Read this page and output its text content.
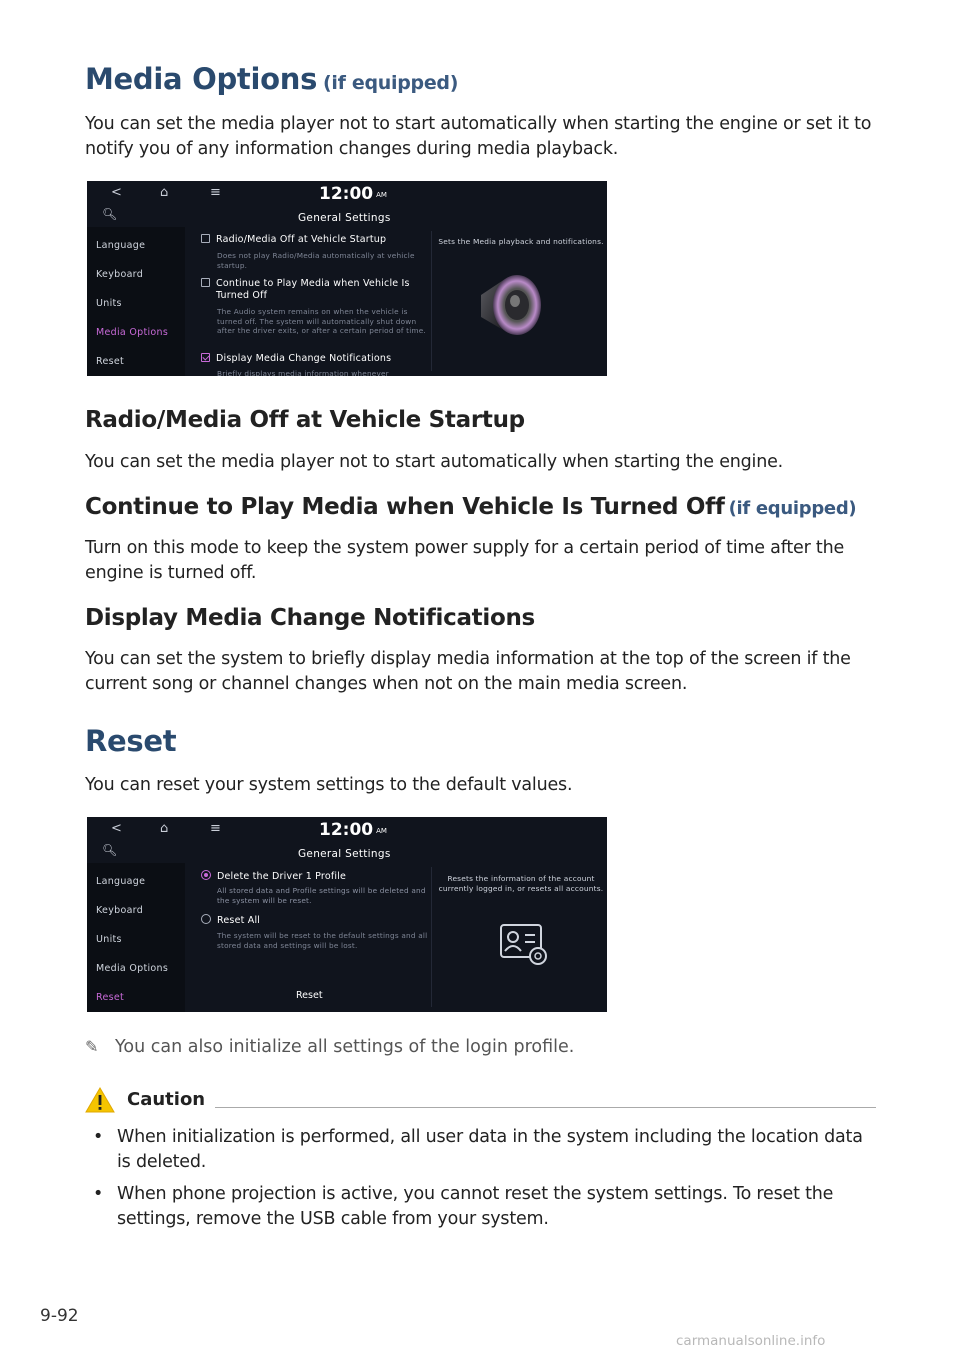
Media Options (if equipped)
You can set the media player not to start automatically when starting the engine or set it to notify you of any information changes during media playback.
<	⌂	≡	12:00 AM
General Settings
🔍︎
Language
Keyboard
Units
Media Options
Reset
Radio/Media Off at Vehicle Startup
Does not play Radio/Media automatically at vehicle startup.
Continue to Play Media when Vehicle Is Turned Off
The Audio system remains on when the vehicle is turned off. The system will automatically shut down after the driver exits, or after a certain period of time.
Display Media Change Notifications
Briefly displays media information whenever
Sets the Media playback and notifications.
Radio/Media Off at Vehicle Startup
You can set the media player not to start automatically when starting the engine.
Continue to Play Media when Vehicle Is Turned Off (if equipped)
Turn on this mode to keep the system power supply for a certain period of time after the engine is turned off.
Display Media Change Notifications
You can set the system to briefly display media information at the top of the screen if the current song or channel changes when not on the main media screen.
Reset
You can reset your system settings to the default values.
<	⌂	≡	12:00 AM
General Settings
🔍︎
Language
Keyboard
Units
Media Options
Reset
Delete the Driver 1 Profile
All stored data and Profile settings will be deleted and the system will be reset.
Reset All
The system will be reset to the default settings and all stored data and settings will be lost.
Resets the information of the account currently logged in, or resets all accounts.
Reset
✎ You can also initialize all settings of the login profile.
Caution
• When initialization is performed, all user data in the system including the location data is deleted.
• When phone projection is active, you cannot reset the system settings. To reset the settings, remove the USB cable from your system.
9-92
carmanualsonline.info
